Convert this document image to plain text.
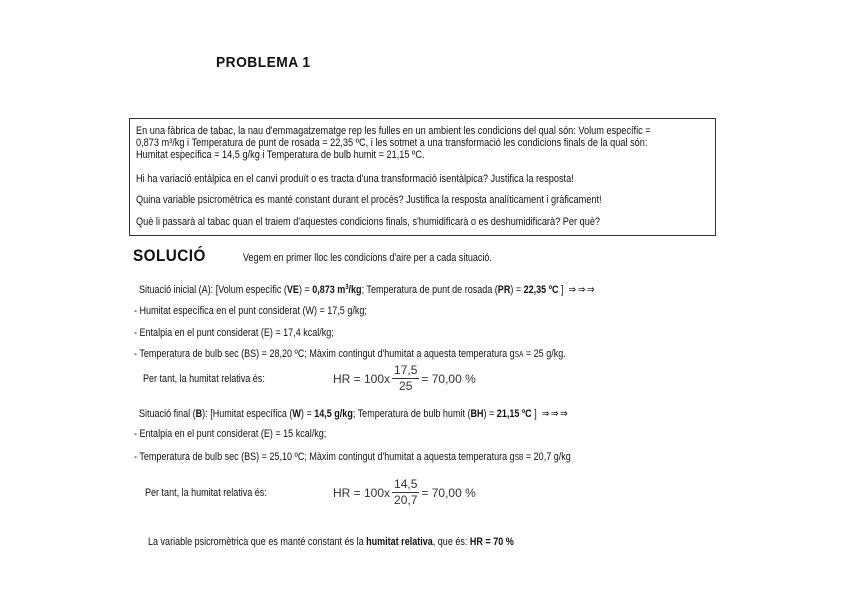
PROBLEMA 1

En una fàbrica de tabac, la nau d'emmagatzematge rep les fulles en un ambient les condicions del qual són: Volum específic =

0,873 m³/kg i Temperatura de punt de rosada = 22,35 ºC, i les sotmet a una transformació les condicions finals de la qual són:

Humitat específica = 14,5 g/kg i Temperatura de bulb humit = 21,15 ºC.

Hi ha variació entàlpica en el canvi produït o es tracta d'una transformació isentàlpica? Justifica la resposta!

Quina variable psicromètrica es manté constant durant el procés? Justifica la resposta analíticament i gràficament!

Què li passarà al tabac quan el traiem d'aquestes condicions finals, s'humidificarà o es deshumidificarà? Per què?

SOLUCIÓ	Vegem en primer lloc les condicions d'aire per a cada situació.
Situació inicial (A): [Volum específic (VE) = 0,873 $m^3/kg$; Temperatura de punt de rosada (PR) = 22,35 ºC ] ⇒⇒⇒
- Humitat específica en el punt considerat (W) = 17,5 g/kg;
- Entalpia en el punt considerat (E) = 17,4 kcal/kg;
- Temperatura de bulb sec (BS) = 28,20 ºC; Màxim contingut d'humitat a aquesta temperatura gSA = 25 g/kg.
Per tant, la humitat relativa és:	HR = $100x \frac{17,5}{25} = 70,00$ %
Situació final (B): [Humitat específica (W) = 14,5 g/kg; Temperatura de bulb humit (BH) = 21,15 ºC ] ⇒⇒⇒
- Entalpia en el punt considerat (E) = 15 kcal/kg;
- Temperatura de bulb sec (BS) = 25,10 ºC; Màxim contingut d'humitat a aquesta temperatura gSB = 20,7 g/kg
Per tant, la humitat relativa és:	HR = $100x \frac{14,5}{20,7} = 70,00$ %
La variable psicromètrica que es manté constant és la humitat relativa, que és: HR = 70 %
